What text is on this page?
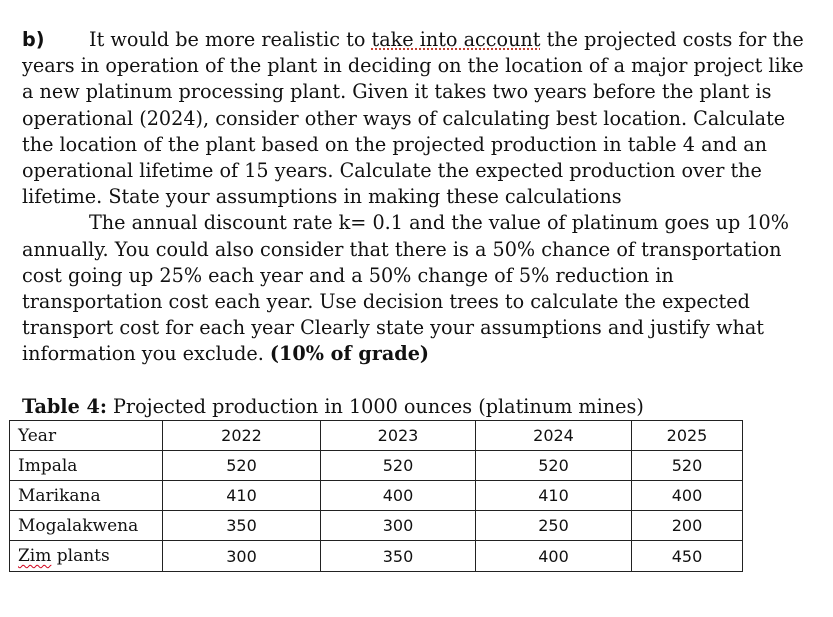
b) It would be more realistic to take into account the projected costs for the years in operation of the plant in deciding on the location of a major project like a new platinum processing plant. Given it takes two years before the plant is operational (2024), consider other ways of calculating best location. Calculate the location of the plant based on the projected production in table 4 and an operational lifetime of 15 years. Calculate the expected production over the lifetime. State your assumptions in making these calculations

The annual discount rate k= 0.1 and the value of platinum goes up 10% annually. You could also consider that there is a 50% chance of transportation cost going up 25% each year and a 50% change of 5% reduction in transportation cost each year. Use decision trees to calculate the expected transport cost for each year Clearly state your assumptions and justify what information you exclude. (10% of grade)

Table 4: Projected production in 1000 ounces (platinum mines)
Year	2022	2023	2024	2025
Impala	520	520	520	520
Marikana	410	400	410	400
Mogalakwena	350	300	250	200
Zim plants	300	350	400	450
